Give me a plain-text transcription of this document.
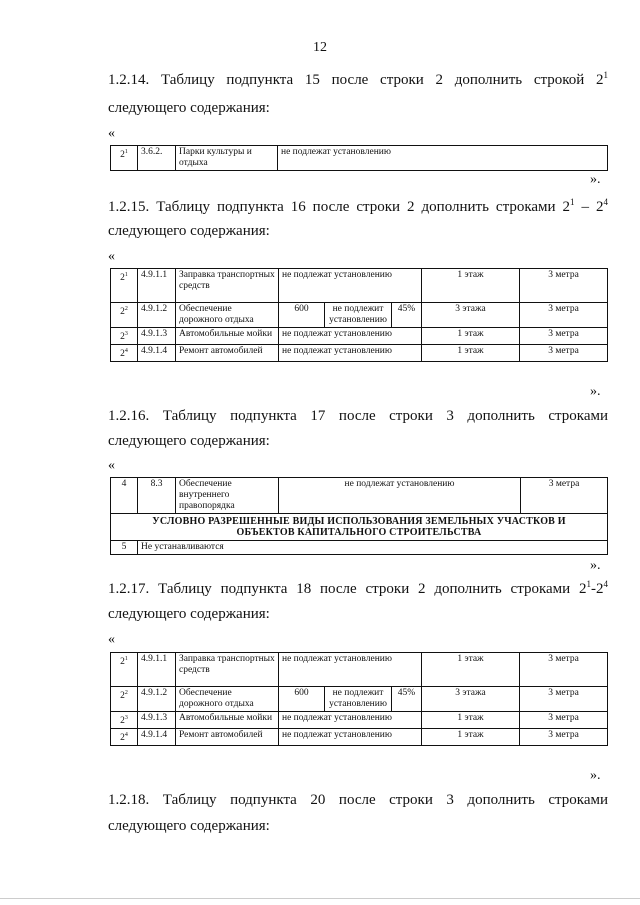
12
1.2.14. Таблицу подпункта 15 после строки 2 дополнить строкой $2^1$
следующего содержания:
«
$2^1$	3.6.2.	Парки культуры и отдыха	не подлежат установлению
».
1.2.15. Таблицу подпункта 16 после строки 2 дополнить строками $2^1 - 2^4$
следующего содержания:
«
$2^1$	4.9.1.1	Заправка транспортных средств	не подлежат установлению			1 этаж	3 метра
$2^2$	4.9.1.2	Обеспечение дорожного отдыха	600	не подлежит установлению	45%	3 этажа	3 метра
$2^3$	4.9.1.3	Автомобильные мойки	не подлежат установлению			1 этаж	3 метра
$2^4$	4.9.1.4	Ремонт автомобилей	не подлежат установлению			1 этаж	3 метра
».
1.2.16. Таблицу подпункта 17 после строки 3 дополнить строками
следующего содержания:
«
4	8.3	Обеспечение внутреннего правопорядка	не подлежат установлению	3 метра

УСЛОВНО РАЗРЕШЕННЫЕ ВИДЫ ИСПОЛЬЗОВАНИЯ ЗЕМЕЛЬНЫХ УЧАСТКОВ И
ОБЪЕКТОВ КАПИТАЛЬНОГО СТРОИТЕЛЬСТВА				

5	Не устанавливаются			
».
1.2.17. Таблицу подпункта 18 после строки 2 дополнить строками $2^1-2^4$
следующего содержания:
«
$2^1$	4.9.1.1	Заправка транспортных средств	не подлежат установлению			1 этаж	3 метра
$2^2$	4.9.1.2	Обеспечение дорожного отдыха	600	не подлежит установлению	45%	3 этажа	3 метра
$2^3$	4.9.1.3	Автомобильные мойки	не подлежат установлению			1 этаж	3 метра
$2^4$	4.9.1.4	Ремонт автомобилей	не подлежат установлению			1 этаж	3 метра
».
1.2.18. Таблицу подпункта 20 после строки 3 дополнить строками
следующего содержания:
